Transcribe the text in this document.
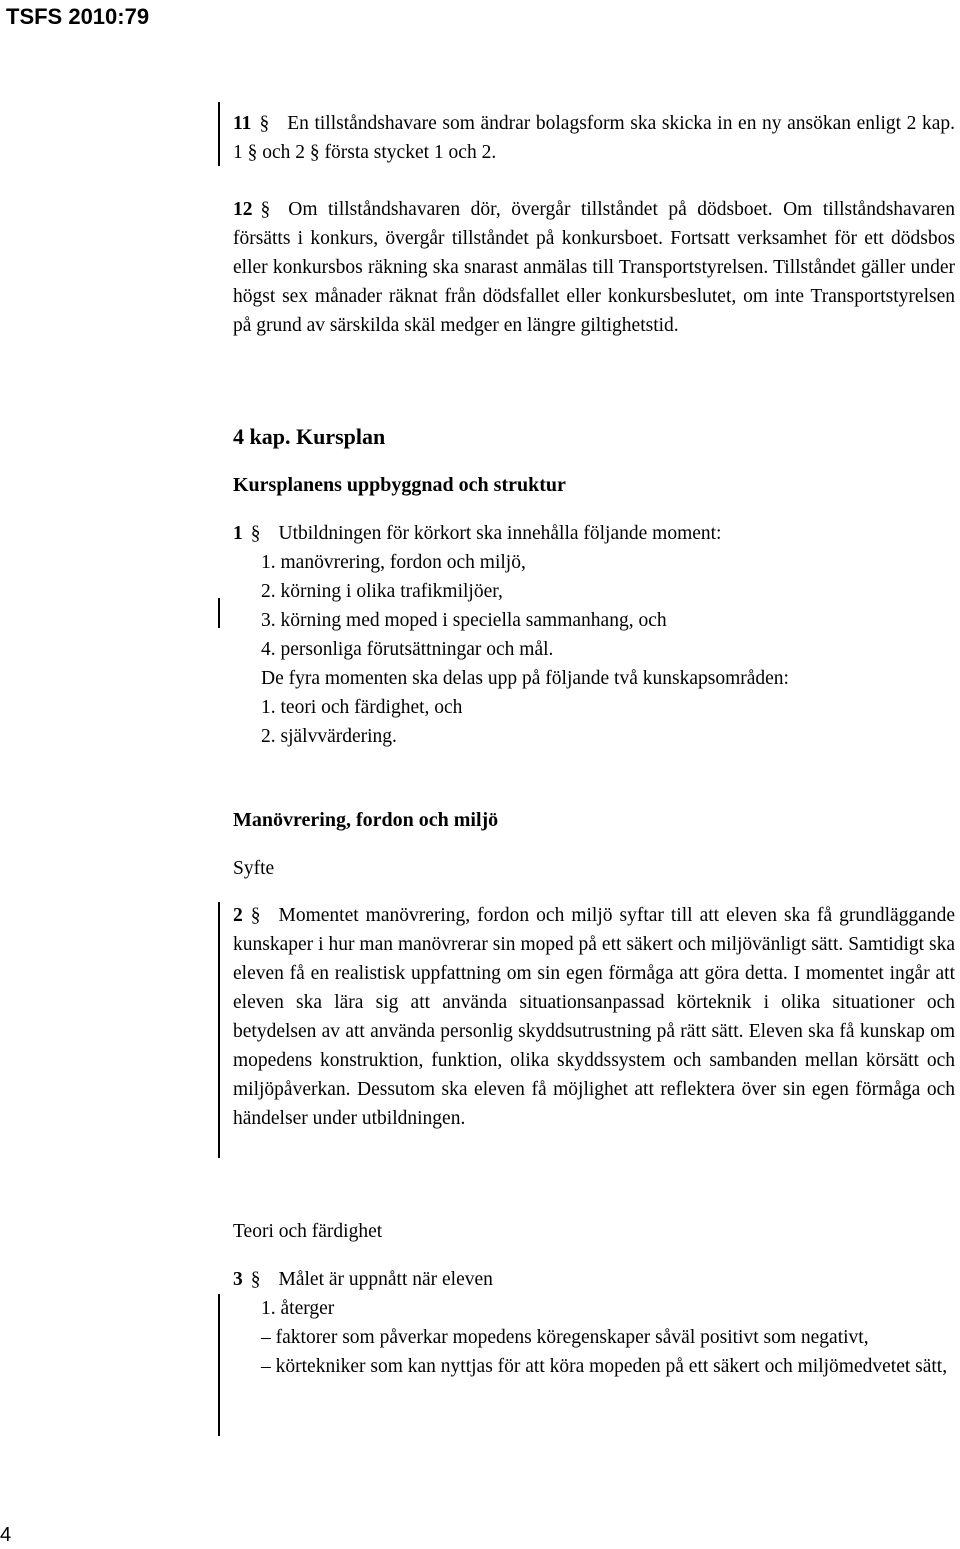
TSFS 2010:79
11 § En tillståndshavare som ändrar bolagsform ska skicka in en ny ansökan enligt 2 kap. 1 § och 2 § första stycket 1 och 2.
12 § Om tillståndshavaren dör, övergår tillståndet på dödsboet. Om tillståndshavaren försätts i konkurs, övergår tillståndet på konkursboet. Fortsatt verksamhet för ett dödsbos eller konkursbos räkning ska snarast anmälas till Transportstyrelsen. Tillståndet gäller under högst sex månader räknat från dödsfallet eller konkursbeslutet, om inte Transportstyrelsen på grund av särskilda skäl medger en längre giltighetstid.
4 kap. Kursplan
Kursplanens uppbyggnad och struktur
1 § Utbildningen för körkort ska innehålla följande moment:
1. manövrering, fordon och miljö,
2. körning i olika trafikmiljöer,
3. körning med moped i speciella sammanhang, och
4. personliga förutsättningar och mål.
De fyra momenten ska delas upp på följande två kunskapsområden:
1. teori och färdighet, och
2. självvärdering.
Manövrering, fordon och miljö
Syfte
2 § Momentet manövrering, fordon och miljö syftar till att eleven ska få grundläggande kunskaper i hur man manövrerar sin moped på ett säkert och miljövänligt sätt. Samtidigt ska eleven få en realistisk uppfattning om sin egen förmåga att göra detta. I momentet ingår att eleven ska lära sig att använda situationsanpassad körteknik i olika situationer och betydelsen av att använda personlig skyddsutrustning på rätt sätt. Eleven ska få kunskap om mopedens konstruktion, funktion, olika skyddssystem och sambanden mellan körsätt och miljöpåverkan. Dessutom ska eleven få möjlighet att reflektera över sin egen förmåga och händelser under utbildningen.
Teori och färdighet
3 § Målet är uppnått när eleven
1. återger
– faktorer som påverkar mopedens köregenskaper såväl positivt som negativt,
– körtekniker som kan nyttjas för att köra mopeden på ett säkert och miljömedvetet sätt,
4
